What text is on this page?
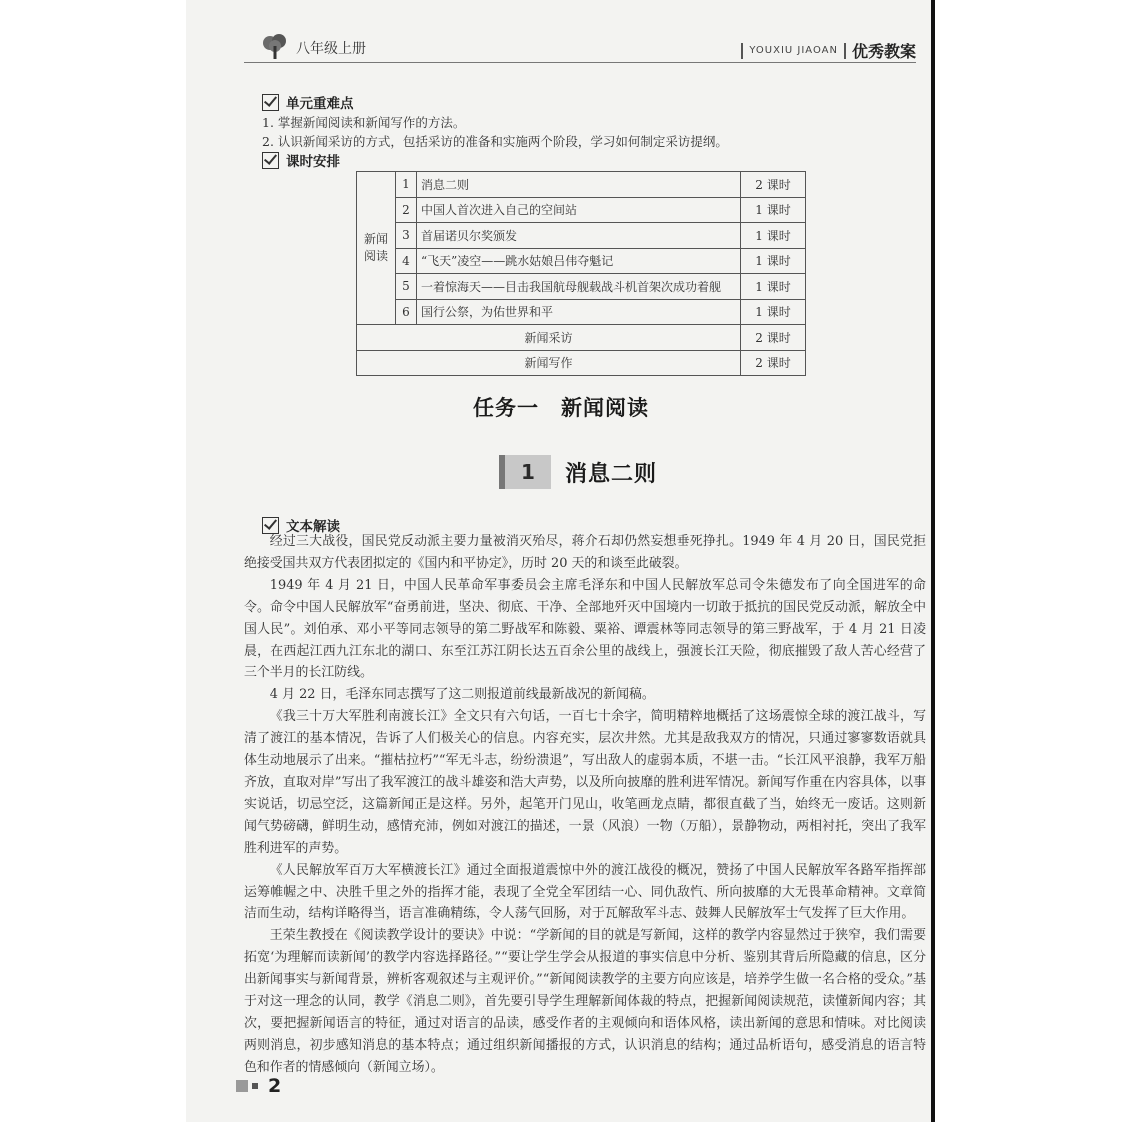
八年级上册	YOUXIU JIAOAN 优秀教案
单元重难点
1. 掌握新闻阅读和新闻写作的方法。
2. 认识新闻采访的方式，包括采访的准备和实施两个阶段，学习如何制定采访提纲。
课时安排
新闻
阅读	1	消息二则	2 课时
	2	中国人首次进入自己的空间站	1 课时
	3	首届诺贝尔奖颁发	1 课时
	4	“飞天”凌空——跳水姑娘吕伟夺魁记	1 课时
	5	一着惊海天——目击我国航母舰载战斗机首架次成功着舰	1 课时
	6	国行公祭，为佑世界和平	1 课时
新闻采访			2 课时
新闻写作			2 课时
任务一　新闻阅读
1	消息二则
文本解读

经过三大战役，国民党反动派主要力量被消灭殆尽，蒋介石却仍然妄想垂死挣扎。1949 年 4 月 20 日，国民党拒绝接受国共双方代表团拟定的《国内和平协定》，历时 20 天的和谈至此破裂。

1949 年 4 月 21 日，中国人民革命军事委员会主席毛泽东和中国人民解放军总司令朱德发布了向全国进军的命令。命令中国人民解放军“奋勇前进，坚决、彻底、干净、全部地歼灭中国境内一切敢于抵抗的国民党反动派，解放全中国人民”。刘伯承、邓小平等同志领导的第二野战军和陈毅、粟裕、谭震林等同志领导的第三野战军，于 4 月 21 日凌晨，在西起江西九江东北的湖口、东至江苏江阴长达五百余公里的战线上，强渡长江天险，彻底摧毁了敌人苦心经营了三个半月的长江防线。

4 月 22 日，毛泽东同志撰写了这二则报道前线最新战况的新闻稿。

《我三十万大军胜利南渡长江》全文只有六句话，一百七十余字，简明精粹地概括了这场震惊全球的渡江战斗，写清了渡江的基本情况，告诉了人们极关心的信息。内容充实，层次井然。尤其是敌我双方的情况，只通过寥寥数语就具体生动地展示了出来。“摧枯拉朽”“军无斗志，纷纷溃退”，写出敌人的虚弱本质，不堪一击。“长江风平浪静，我军万船齐放，直取对岸”写出了我军渡江的战斗雄姿和浩大声势，以及所向披靡的胜利进军情况。新闻写作重在内容具体，以事实说话，切忌空泛，这篇新闻正是这样。另外，起笔开门见山，收笔画龙点睛，都很直截了当，始终无一废话。这则新闻气势磅礴，鲜明生动，感情充沛，例如对渡江的描述，一景（风浪）一物（万船），景静物动，两相衬托，突出了我军胜利进军的声势。

《人民解放军百万大军横渡长江》通过全面报道震惊中外的渡江战役的概况，赞扬了中国人民解放军各路军指挥部运筹帷幄之中、决胜千里之外的指挥才能，表现了全党全军团结一心、同仇敌忾、所向披靡的大无畏革命精神。文章简洁而生动，结构详略得当，语言准确精练，令人荡气回肠，对于瓦解敌军斗志、鼓舞人民解放军士气发挥了巨大作用。

王荣生教授在《阅读教学设计的要诀》中说：“学新闻的目的就是写新闻，这样的教学内容显然过于狭窄，我们需要拓宽‘为理解而读新闻’的教学内容选择路径。”“要让学生学会从报道的事实信息中分析、鉴别其背后所隐藏的信息，区分出新闻事实与新闻背景，辨析客观叙述与主观评价。”“新闻阅读教学的主要方向应该是，培养学生做一名合格的受众。”基于对这一理念的认同，教学《消息二则》，首先要引导学生理解新闻体裁的特点，把握新闻阅读规范，读懂新闻内容；其次，要把握新闻语言的特征，通过对语言的品读，感受作者的主观倾向和语体风格，读出新闻的意思和情味。对比阅读两则消息，初步感知消息的基本特点；通过组织新闻播报的方式，认识消息的结构；通过品析语句，感受消息的语言特色和作者的情感倾向（新闻立场）。

2
